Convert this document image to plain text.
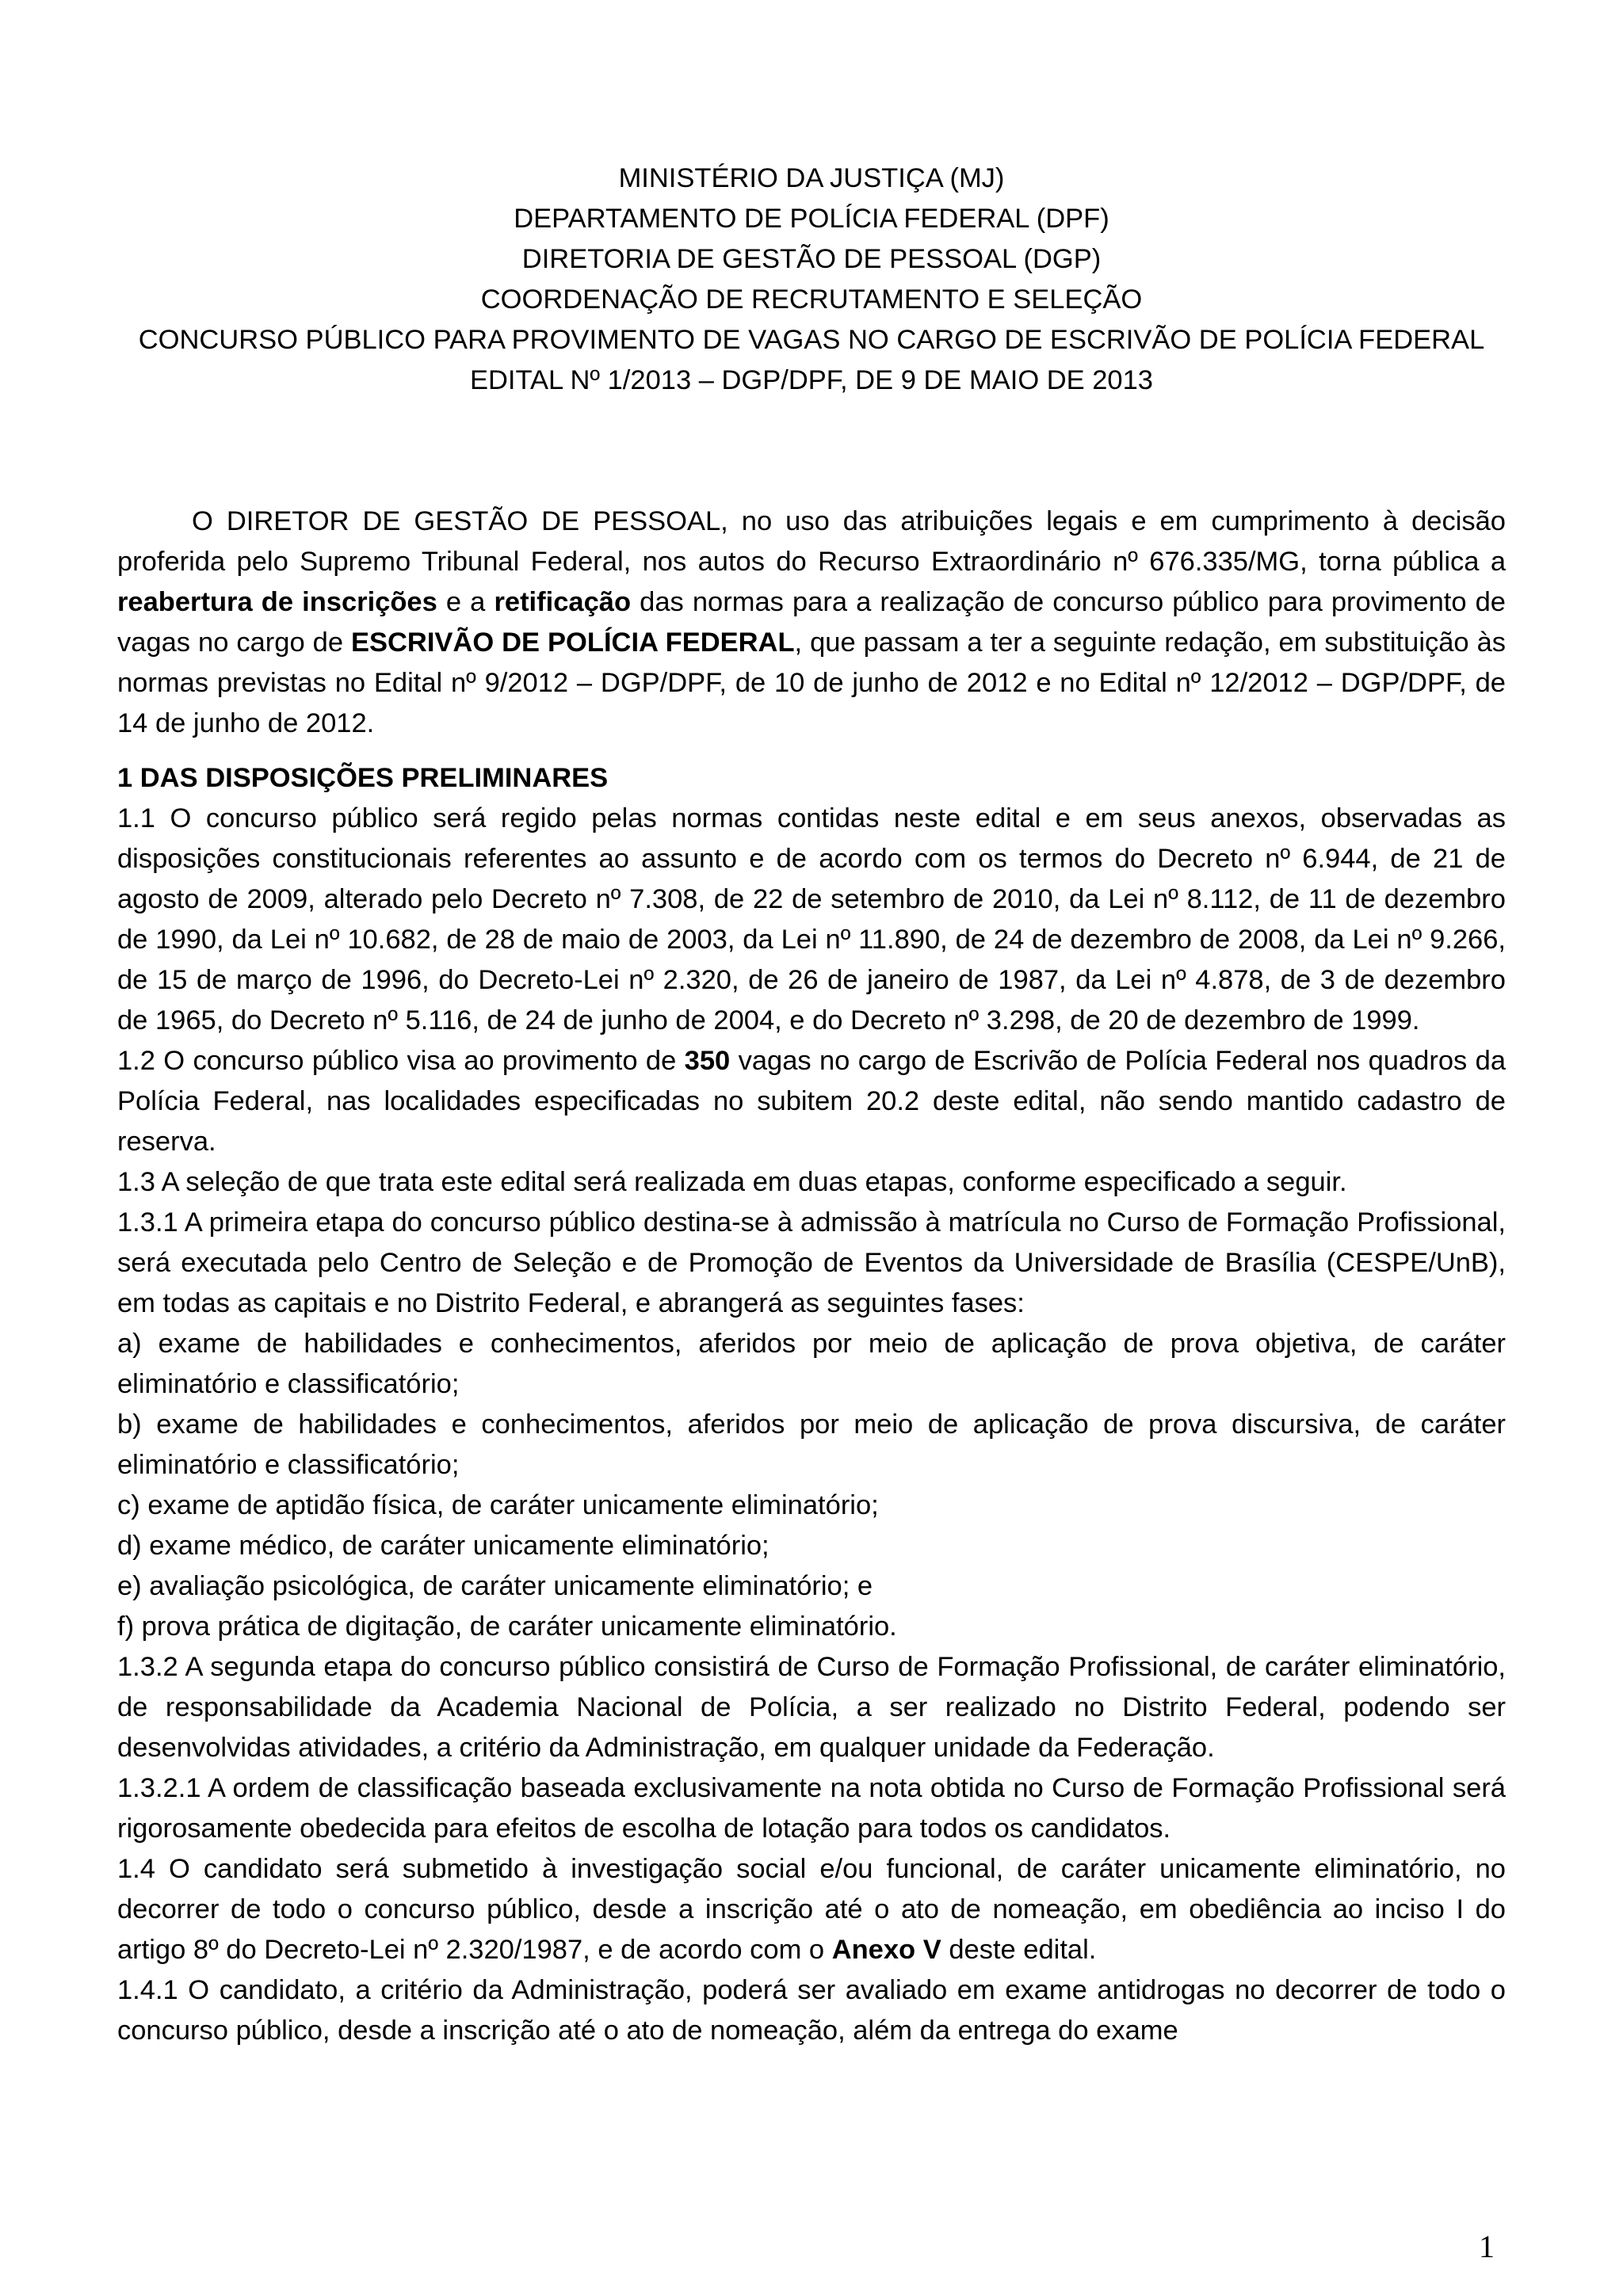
MINISTÉRIO DA JUSTIÇA (MJ)
DEPARTAMENTO DE POLÍCIA FEDERAL (DPF)
DIRETORIA DE GESTÃO DE PESSOAL (DGP)
COORDENAÇÃO DE RECRUTAMENTO E SELEÇÃO
CONCURSO PÚBLICO PARA PROVIMENTO DE VAGAS NO CARGO DE ESCRIVÃO DE POLÍCIA FEDERAL
EDITAL Nº 1/2013 – DGP/DPF, DE 9 DE MAIO DE 2013

O DIRETOR DE GESTÃO DE PESSOAL, no uso das atribuições legais e em cumprimento à decisão proferida pelo Supremo Tribunal Federal, nos autos do Recurso Extraordinário nº 676.335/MG, torna pública a reabertura de inscrições e a retificação das normas para a realização de concurso público para provimento de vagas no cargo de ESCRIVÃO DE POLÍCIA FEDERAL, que passam a ter a seguinte redação, em substituição às normas previstas no Edital nº 9/2012 – DGP/DPF, de 10 de junho de 2012 e no Edital nº 12/2012 – DGP/DPF, de 14 de junho de 2012.

1 DAS DISPOSIÇÕES PRELIMINARES

1.1 O concurso público será regido pelas normas contidas neste edital e em seus anexos, observadas as disposições constitucionais referentes ao assunto e de acordo com os termos do Decreto nº 6.944, de 21 de agosto de 2009, alterado pelo Decreto nº 7.308, de 22 de setembro de 2010, da Lei nº 8.112, de 11 de dezembro de 1990, da Lei nº 10.682, de 28 de maio de 2003, da Lei nº 11.890, de 24 de dezembro de 2008, da Lei nº 9.266, de 15 de março de 1996, do Decreto-Lei nº 2.320, de 26 de janeiro de 1987, da Lei nº 4.878, de 3 de dezembro de 1965, do Decreto nº 5.116, de 24 de junho de 2004, e do Decreto nº 3.298, de 20 de dezembro de 1999.

1.2 O concurso público visa ao provimento de 350 vagas no cargo de Escrivão de Polícia Federal nos quadros da Polícia Federal, nas localidades especificadas no subitem 20.2 deste edital, não sendo mantido cadastro de reserva.

1.3 A seleção de que trata este edital será realizada em duas etapas, conforme especificado a seguir.

1.3.1 A primeira etapa do concurso público destina-se à admissão à matrícula no Curso de Formação Profissional, será executada pelo Centro de Seleção e de Promoção de Eventos da Universidade de Brasília (CESPE/UnB), em todas as capitais e no Distrito Federal, e abrangerá as seguintes fases:

a) exame de habilidades e conhecimentos, aferidos por meio de aplicação de prova objetiva, de caráter eliminatório e classificatório;

b) exame de habilidades e conhecimentos, aferidos por meio de aplicação de prova discursiva, de caráter eliminatório e classificatório;

c) exame de aptidão física, de caráter unicamente eliminatório;

d) exame médico, de caráter unicamente eliminatório;

e) avaliação psicológica, de caráter unicamente eliminatório; e

f) prova prática de digitação, de caráter unicamente eliminatório.

1.3.2 A segunda etapa do concurso público consistirá de Curso de Formação Profissional, de caráter eliminatório, de responsabilidade da Academia Nacional de Polícia, a ser realizado no Distrito Federal, podendo ser desenvolvidas atividades, a critério da Administração, em qualquer unidade da Federação.

1.3.2.1 A ordem de classificação baseada exclusivamente na nota obtida no Curso de Formação Profissional será rigorosamente obedecida para efeitos de escolha de lotação para todos os candidatos.

1.4 O candidato será submetido à investigação social e/ou funcional, de caráter unicamente eliminatório, no decorrer de todo o concurso público, desde a inscrição até o ato de nomeação, em obediência ao inciso I do artigo 8º do Decreto-Lei nº 2.320/1987, e de acordo com o Anexo V deste edital.

1.4.1 O candidato, a critério da Administração, poderá ser avaliado em exame antidrogas no decorrer de todo o concurso público, desde a inscrição até o ato de nomeação, além da entrega do exame

1
